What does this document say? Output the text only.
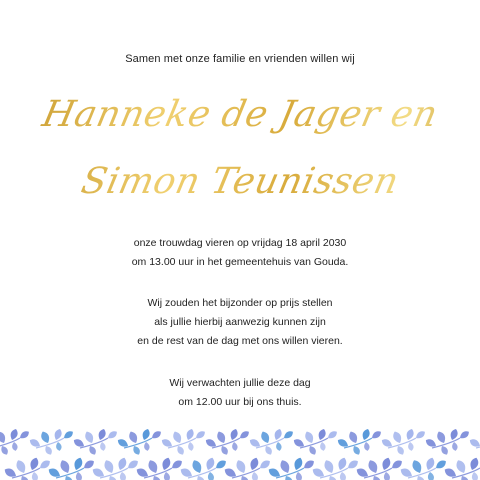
Samen met onze familie en vrienden willen wij
Hanneke de Jager en
Simon Teunissen
onze trouwdag vieren op vrijdag 18 april 2030
om 13.00 uur in het gemeentehuis van Gouda.
Wij zouden het bijzonder op prijs stellen
als jullie hierbij aanwezig kunnen zijn
en de rest van de dag met ons willen vieren.
Wij verwachten jullie deze dag
om 12.00 uur bij ons thuis.
